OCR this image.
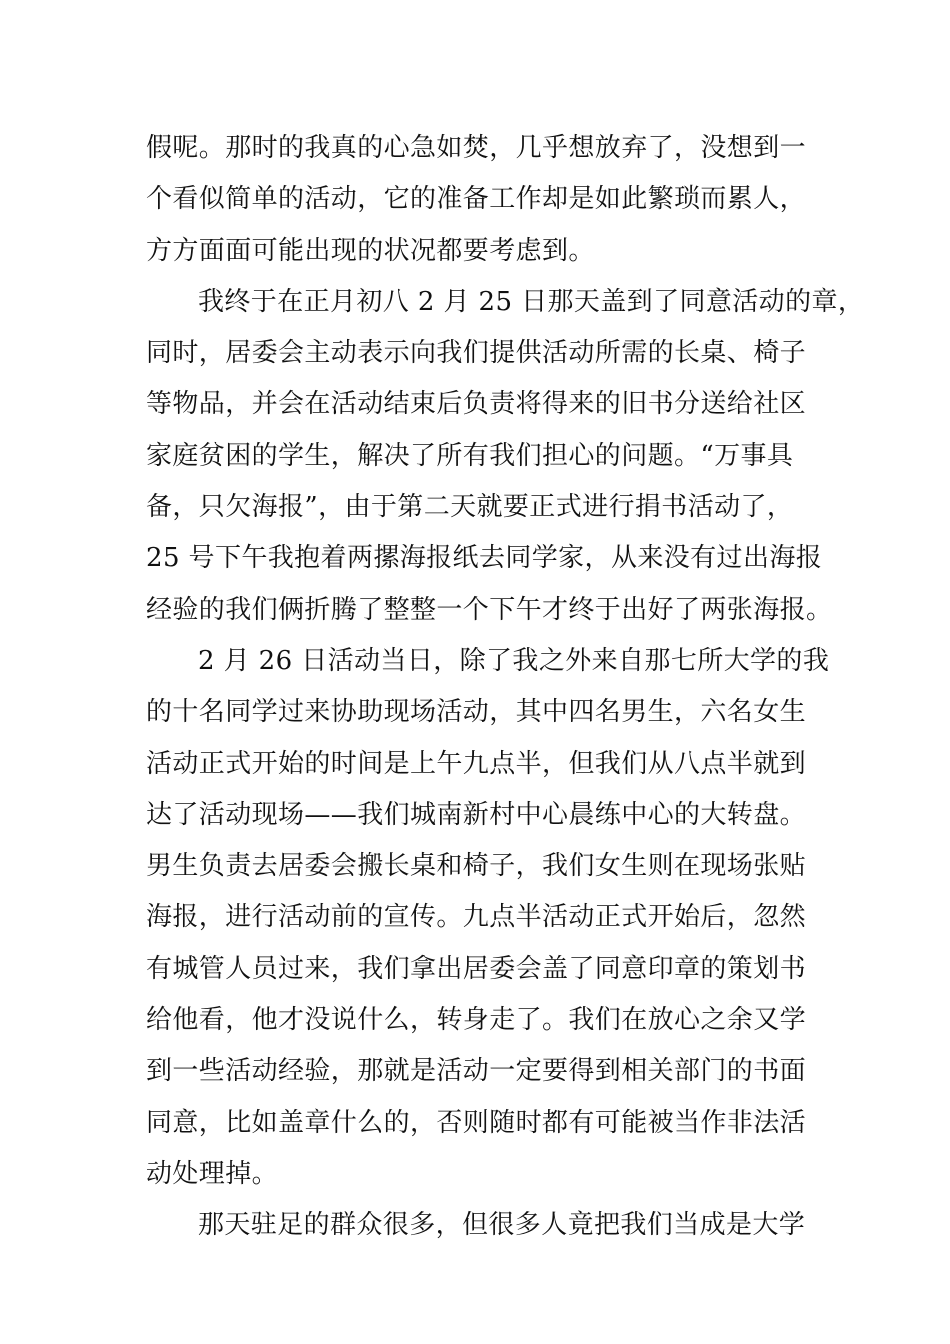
假呢。那时的我真的心急如焚，几乎想放弃了，没想到一
个看似简单的活动，它的准备工作却是如此繁琐而累人，
方方面面可能出现的状况都要考虑到。
我终于在正月初八 2 月 25 日那天盖到了同意活动的章，
同时，居委会主动表示向我们提供活动所需的长桌、椅子
等物品，并会在活动结束后负责将得来的旧书分送给社区
家庭贫困的学生，解决了所有我们担心的问题。“万事具
备，只欠海报”，由于第二天就要正式进行捐书活动了，
25 号下午我抱着两摞海报纸去同学家，从来没有过出海报
经验的我们俩折腾了整整一个下午才终于出好了两张海报。
2 月 26 日活动当日，除了我之外来自那七所大学的我
的十名同学过来协助现场活动，其中四名男生，六名女生
活动正式开始的时间是上午九点半，但我们从八点半就到
达了活动现场——我们城南新村中心晨练中心的大转盘。
男生负责去居委会搬长桌和椅子，我们女生则在现场张贴
海报，进行活动前的宣传。九点半活动正式开始后，忽然
有城管人员过来，我们拿出居委会盖了同意印章的策划书
给他看，他才没说什么，转身走了。我们在放心之余又学
到一些活动经验，那就是活动一定要得到相关部门的书面
同意，比如盖章什么的，否则随时都有可能被当作非法活
动处理掉。
那天驻足的群众很多，但很多人竟把我们当成是大学
